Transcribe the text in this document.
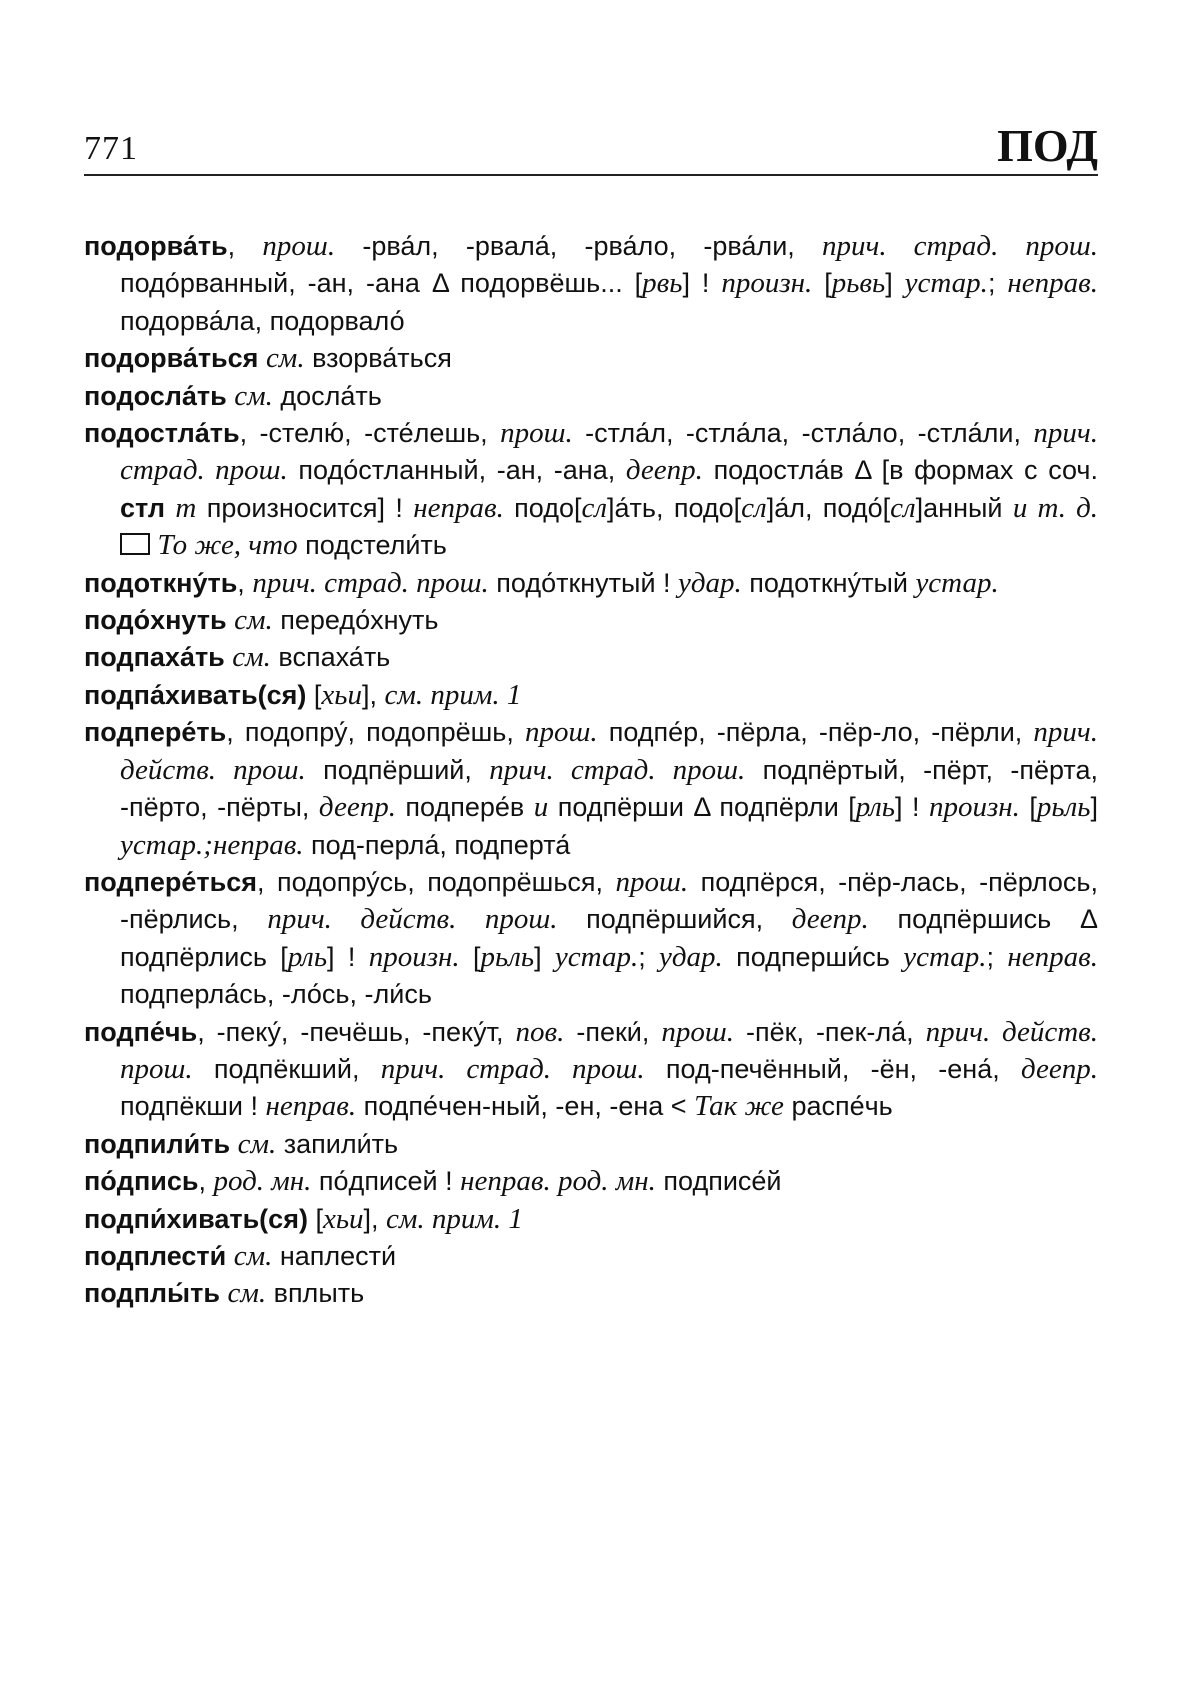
771	ПОД

подорва́ть, прош. -рва́л, -рвала́, -рва́ло, -рва́ли, прич. страд. прош. подо́рванный, -ан, -ана Δ подорвёшь... [рвь] ! произн. [рьвь] устар.; неправ. подорва́ла, подорвало́

подорва́ться см. взорва́ться

подосла́ть см. досла́ть

подостла́ть, -стелю́, -сте́лешь, прош. -стла́л, -стла́ла, -стла́ло, -стла́ли, прич. страд. прош. подо́стланный, -ан, -ана, деепр. подостла́в Δ [в формах с соч. стл т произносится] ! неправ. подо[сл]а́ть, подо[сл]а́л, подо́[сл]анный и т. д.  То же, что подстели́ть

подоткну́ть, прич. страд. прош. подо́ткнутый ! удар. подоткну́тый устар.

подо́хнуть см. передо́хнуть

подпаха́ть см. вспаха́ть

подпа́хивать(ся) [хьи], см. прим. 1

подпере́ть, подопру́, подопрёшь, прош. подпе́р, -пёрла, -пёр-ло, -пёрли, прич. действ. прош. подпёрший, прич. страд. прош. подпёртый, -пёрт, -пёрта, -пёрто, -пёрты, деепр. подпере́в и подпёрши Δ подпёрли [рль] ! произн. [рьль] устар.;неправ. под-перла́, подперта́

подпере́ться, подопру́сь, подопрёшься, прош. подпёрся, -пёр-лась, -пёрлось, -пёрлись, прич. действ. прош. подпёршийся, деепр. подпёршись Δ подпёрлись [рль] ! произн. [рьль] устар.; удар. подперши́сь устар.; неправ. подперла́сь, -ло́сь, -ли́сь

подпе́чь, -пеку́, -печёшь, -пеку́т, пов. -пеки́, прош. -пёк, -пек-ла́, прич. действ. прош. подпёкший, прич. страд. прош. под-печённый, -ён, -ена́, деепр. подпёкши ! неправ. подпе́чен-ный, -ен, -ена < Так же распе́чь

подпили́ть см. запили́ть

по́дпись, род. мн. по́дписей ! неправ. род. мн. подписе́й

подпи́хивать(ся) [хьи], см. прим. 1

подплести́ см. наплести́

подплы́ть см. вплыть
